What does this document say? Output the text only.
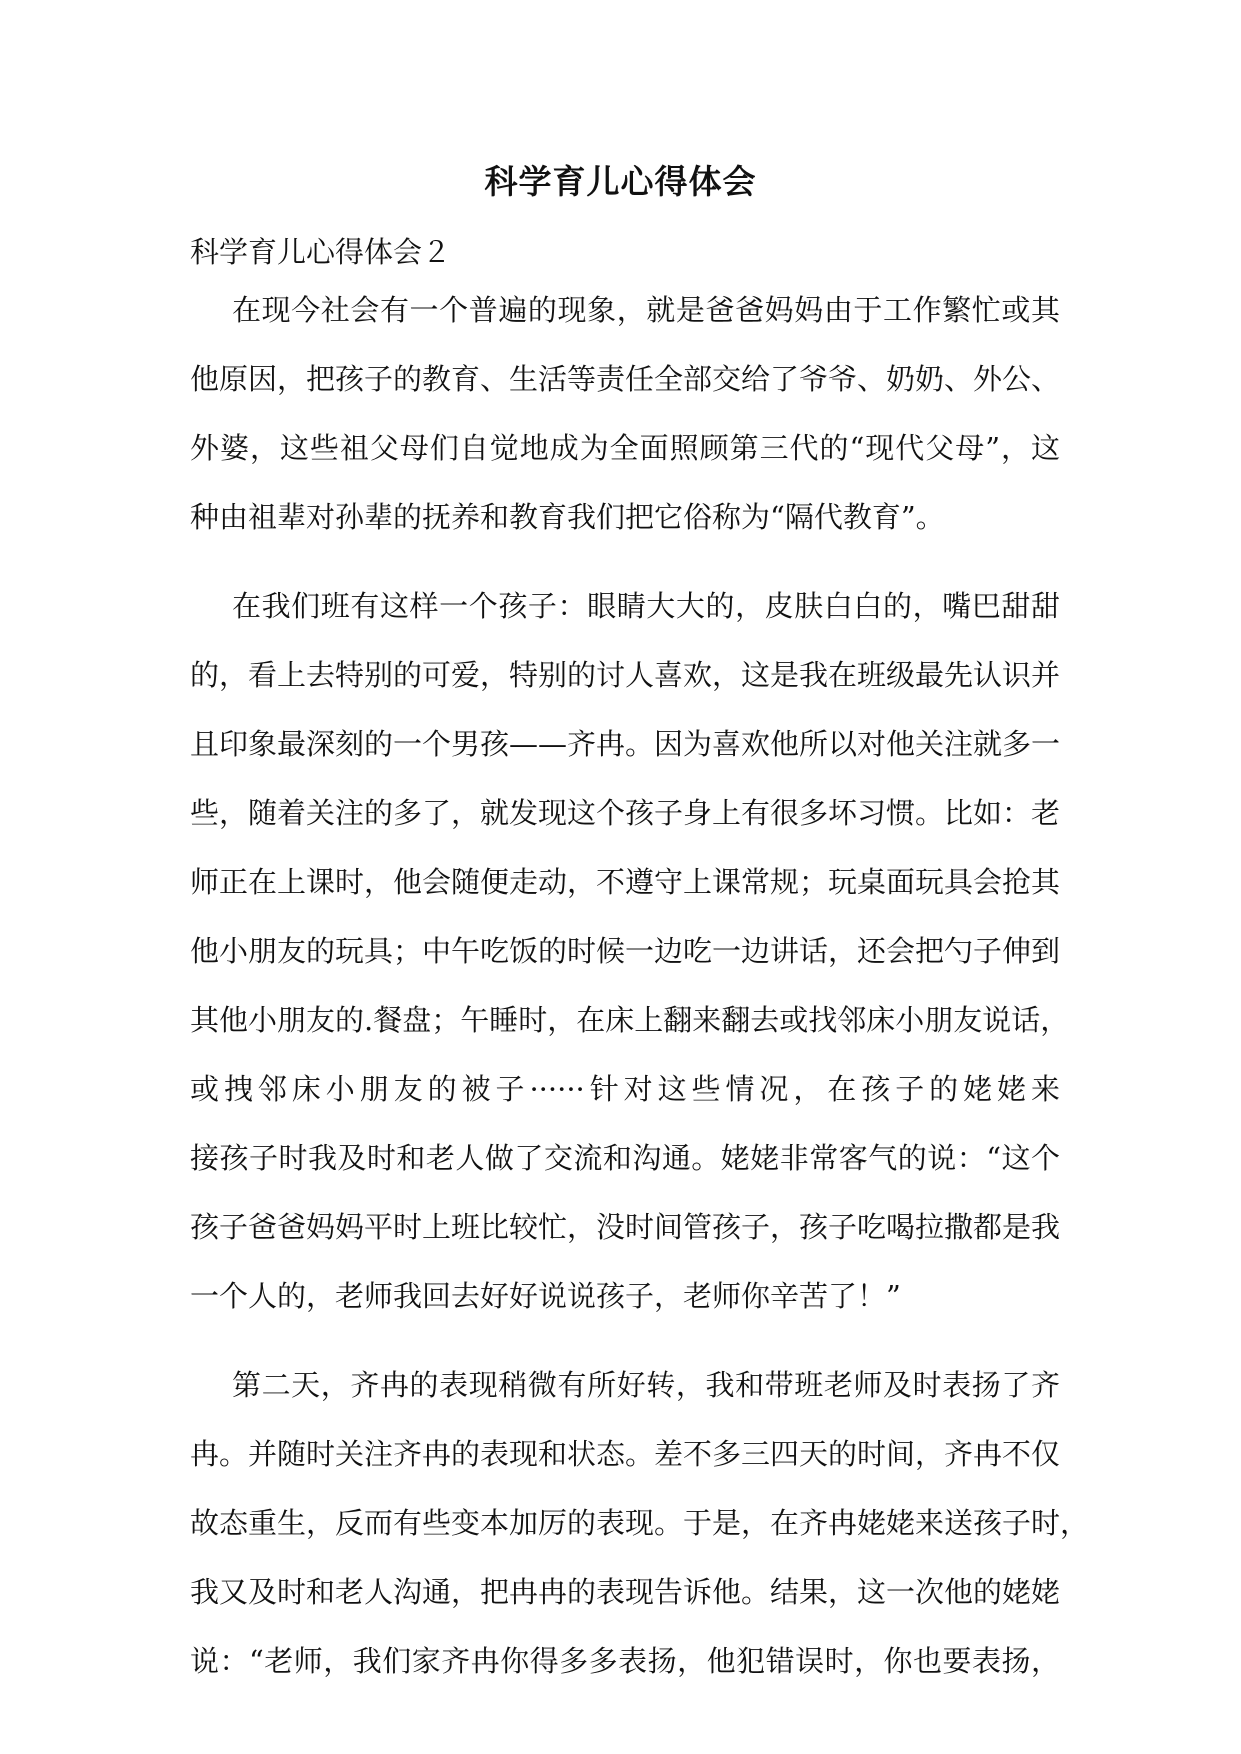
科学育儿心得体会

科学育儿心得体会２

在现今社会有一个普遍的现象，就是爸爸妈妈由于工作繁忙或其
他原因，把孩子的教育、生活等责任全部交给了爷爷、奶奶、外公、
外婆，这些祖父母们自觉地成为全面照顾第三代的“现代父母”，这
种由祖辈对孙辈的抚养和教育我们把它俗称为“隔代教育”。
在我们班有这样一个孩子：眼睛大大的，皮肤白白的，嘴巴甜甜
的，看上去特别的可爱，特别的讨人喜欢，这是我在班级最先认识并
且印象最深刻的一个男孩——齐冉。因为喜欢他所以对他关注就多一
些，随着关注的多了，就发现这个孩子身上有很多坏习惯。比如：老
师正在上课时，他会随便走动，不遵守上课常规；玩桌面玩具会抢其
他小朋友的玩具；中午吃饭的时候一边吃一边讲话，还会把勺子伸到
其他小朋友的.餐盘；午睡时，在床上翻来翻去或找邻床小朋友说话，
或拽邻床小朋友的被子······针对这些情况，在孩子的姥姥来
接孩子时我及时和老人做了交流和沟通。姥姥非常客气的说：“这个
孩子爸爸妈妈平时上班比较忙，没时间管孩子，孩子吃喝拉撒都是我
一个人的，老师我回去好好说说孩子，老师你辛苦了！”
第二天，齐冉的表现稍微有所好转，我和带班老师及时表扬了齐
冉。并随时关注齐冉的表现和状态。差不多三四天的时间，齐冉不仅
故态重生，反而有些变本加厉的表现。于是，在齐冉姥姥来送孩子时，
我又及时和老人沟通，把冉冉的表现告诉他。结果，这一次他的姥姥
说：“老师，我们家齐冉你得多多表扬，他犯错误时，你也要表扬，
